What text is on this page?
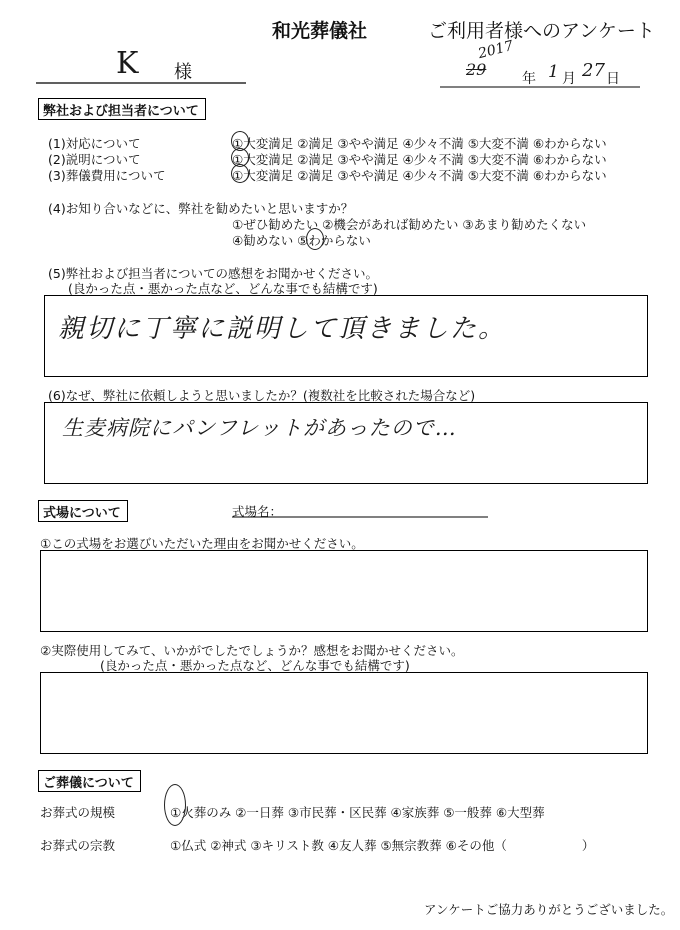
和光葬儀社	ご利用者様へのアンケート
K 様
2017
29	年 1 月 27 日
弊社および担当者について
(1)対応について	①大変満足 ②満足 ③やや満足 ④少々不満 ⑤大変不満 ⑥わからない
(2)説明について	①大変満足 ②満足 ③やや満足 ④少々不満 ⑤大変不満 ⑥わからない
(3)葬儀費用について	①大変満足 ②満足 ③やや満足 ④少々不満 ⑤大変不満 ⑥わからない
(4)お知り合いなどに、弊社を勧めたいと思いますか？
①ぜひ勧めたい ②機会があれば勧めたい ③あまり勧めたくない
④勧めない ⑤わからない
(5)弊社および担当者についての感想をお聞かせください。
(良かった点・悪かった点など、どんな事でも結構です)
親切に丁寧に説明して頂きました。
(6)なぜ、弊社に依頼しようと思いましたか？(複数社を比較された場合など)
生麦病院にパンフレットがあったので…
式場について	式場名：
①この式場をお選びいただいた理由をお聞かせください。
②実際使用してみて、いかがでしたでしょうか？感想をお聞かせください。
(良かった点・悪かった点など、どんな事でも結構です)
ご葬儀について
お葬式の規模	①火葬のみ ②一日葬 ③市民葬・区民葬 ④家族葬 ⑤一般葬 ⑥大型葬
お葬式の宗教	①仏式 ②神式 ③キリスト教 ④友人葬 ⑤無宗教葬 ⑥その他（　　　　　　）
アンケートご協力ありがとうございました。
